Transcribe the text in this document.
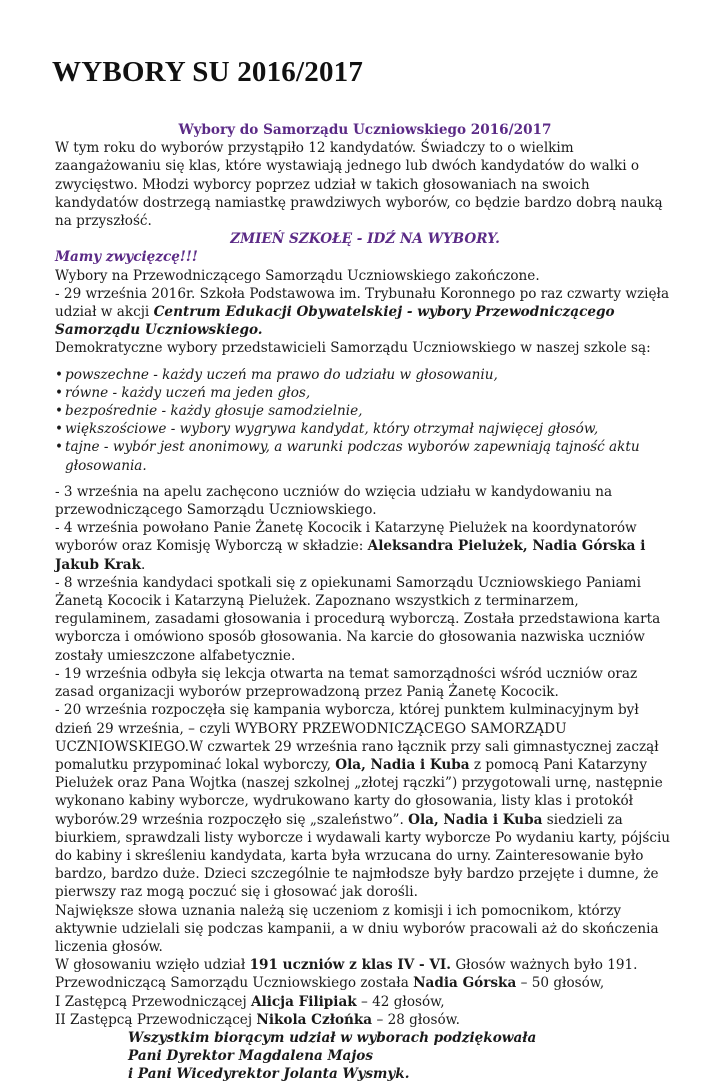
WYBORY SU 2016/2017

Wybory do Samorządu Uczniowskiego 2016/2017

W tym roku do wyborów przystąpiło 12 kandydatów. Świadczy to o wielkim zaangażowaniu się klas, które wystawiają jednego lub dwóch kandydatów do walki o zwycięstwo. Młodzi wyborcy poprzez udział w takich głosowaniach na swoich kandydatów dostrzegą namiastkę prawdziwych wyborów, co będzie bardzo dobrą nauką na przyszłość.

ZMIEŃ SZKOŁĘ - IDŹ NA WYBORY.

Mamy zwycięzcę!!!

Wybory na Przewodniczącego Samorządu Uczniowskiego zakończone.

- 29 września 2016r. Szkoła Podstawowa im. Trybunału Koronnego po raz czwarty wzięła udział w akcji Centrum Edukacji Obywatelskiej - wybory Przewodniczącego Samorządu Uczniowskiego.

Demokratyczne wybory przedstawicieli Samorządu Uczniowskiego w naszej szkole są:

• powszechne - każdy uczeń ma prawo do udziału w głosowaniu,
• równe - każdy uczeń ma jeden głos,
• bezpośrednie - każdy głosuje samodzielnie,
• większościowe - wybory wygrywa kandydat, który otrzymał najwięcej głosów,
• tajne - wybór jest anonimowy, a warunki podczas wyborów zapewniają tajność aktu głosowania.

- 3 września na apelu zachęcono uczniów do wzięcia udziału w kandydowaniu na przewodniczącego Samorządu Uczniowskiego.

- 4 września powołano Panie Żanetę Kococik i Katarzynę Pielużek na koordynatorów wyborów oraz Komisję Wyborczą w składzie: Aleksandra Pielużek, Nadia Górska i Jakub Krak.

- 8 września kandydaci spotkali się z opiekunami Samorządu Uczniowskiego Paniami Żanetą Kococik i Katarzyną Pielużek. Zapoznano wszystkich z terminarzem, regulaminem, zasadami głosowania i procedurą wyborczą. Została przedstawiona karta wyborcza i omówiono sposób głosowania. Na karcie do głosowania nazwiska uczniów zostały umieszczone alfabetycznie.

- 19 września odbyła się lekcja otwarta na temat samorządności wśród uczniów oraz zasad organizacji wyborów przeprowadzoną przez Panią Żanetę Kococik.

- 20 września rozpoczęła się kampania wyborcza, której punktem kulminacyjnym był dzień 29 września, – czyli WYBORY PRZEWODNICZĄCEGO SAMORZĄDU UCZNIOWSKIEGO.W czwartek 29 września rano łącznik przy sali gimnastycznej zaczął pomalutku przypominać lokal wyborczy, Ola, Nadia i Kuba z pomocą Pani Katarzyny Pielużek oraz Pana Wojtka (naszej szkolnej „złotej rączki”) przygotowali urnę, następnie wykonano kabiny wyborcze, wydrukowano karty do głosowania, listy klas i protokół wyborów.29 września rozpoczęło się „szaleństwo”. Ola, Nadia i Kuba siedzieli za biurkiem, sprawdzali listy wyborcze i wydawali karty wyborcze Po wydaniu karty, pójściu do kabiny i skreśleniu kandydata, karta była wrzucana do urny. Zainteresowanie było bardzo, bardzo duże. Dzieci szczególnie te najmłodsze były bardzo przejęte i dumne, że pierwszy raz mogą poczuć się i głosować jak dorośli.

Największe słowa uznania należą się uczeniom z komisji i ich pomocnikom, którzy aktywnie udzielali się podczas kampanii, a w dniu wyborów pracowali aż do skończenia liczenia głosów.

W głosowaniu wzięło udział 191 uczniów z klas IV - VI. Głosów ważnych było 191.

Przewodniczącą Samorządu Uczniowskiego została Nadia Górska – 50 głosów,

I Zastępcą Przewodniczącej Alicja Filipiak – 42 głosów,

II Zastępcą Przewodniczącej Nikola Człońka – 28 głosów.

Wszystkim biorącym udział w wyborach podziękowała

Pani Dyrektor Magdalena Majos

i Pani Wicedyrektor Jolanta Wysmyk.
